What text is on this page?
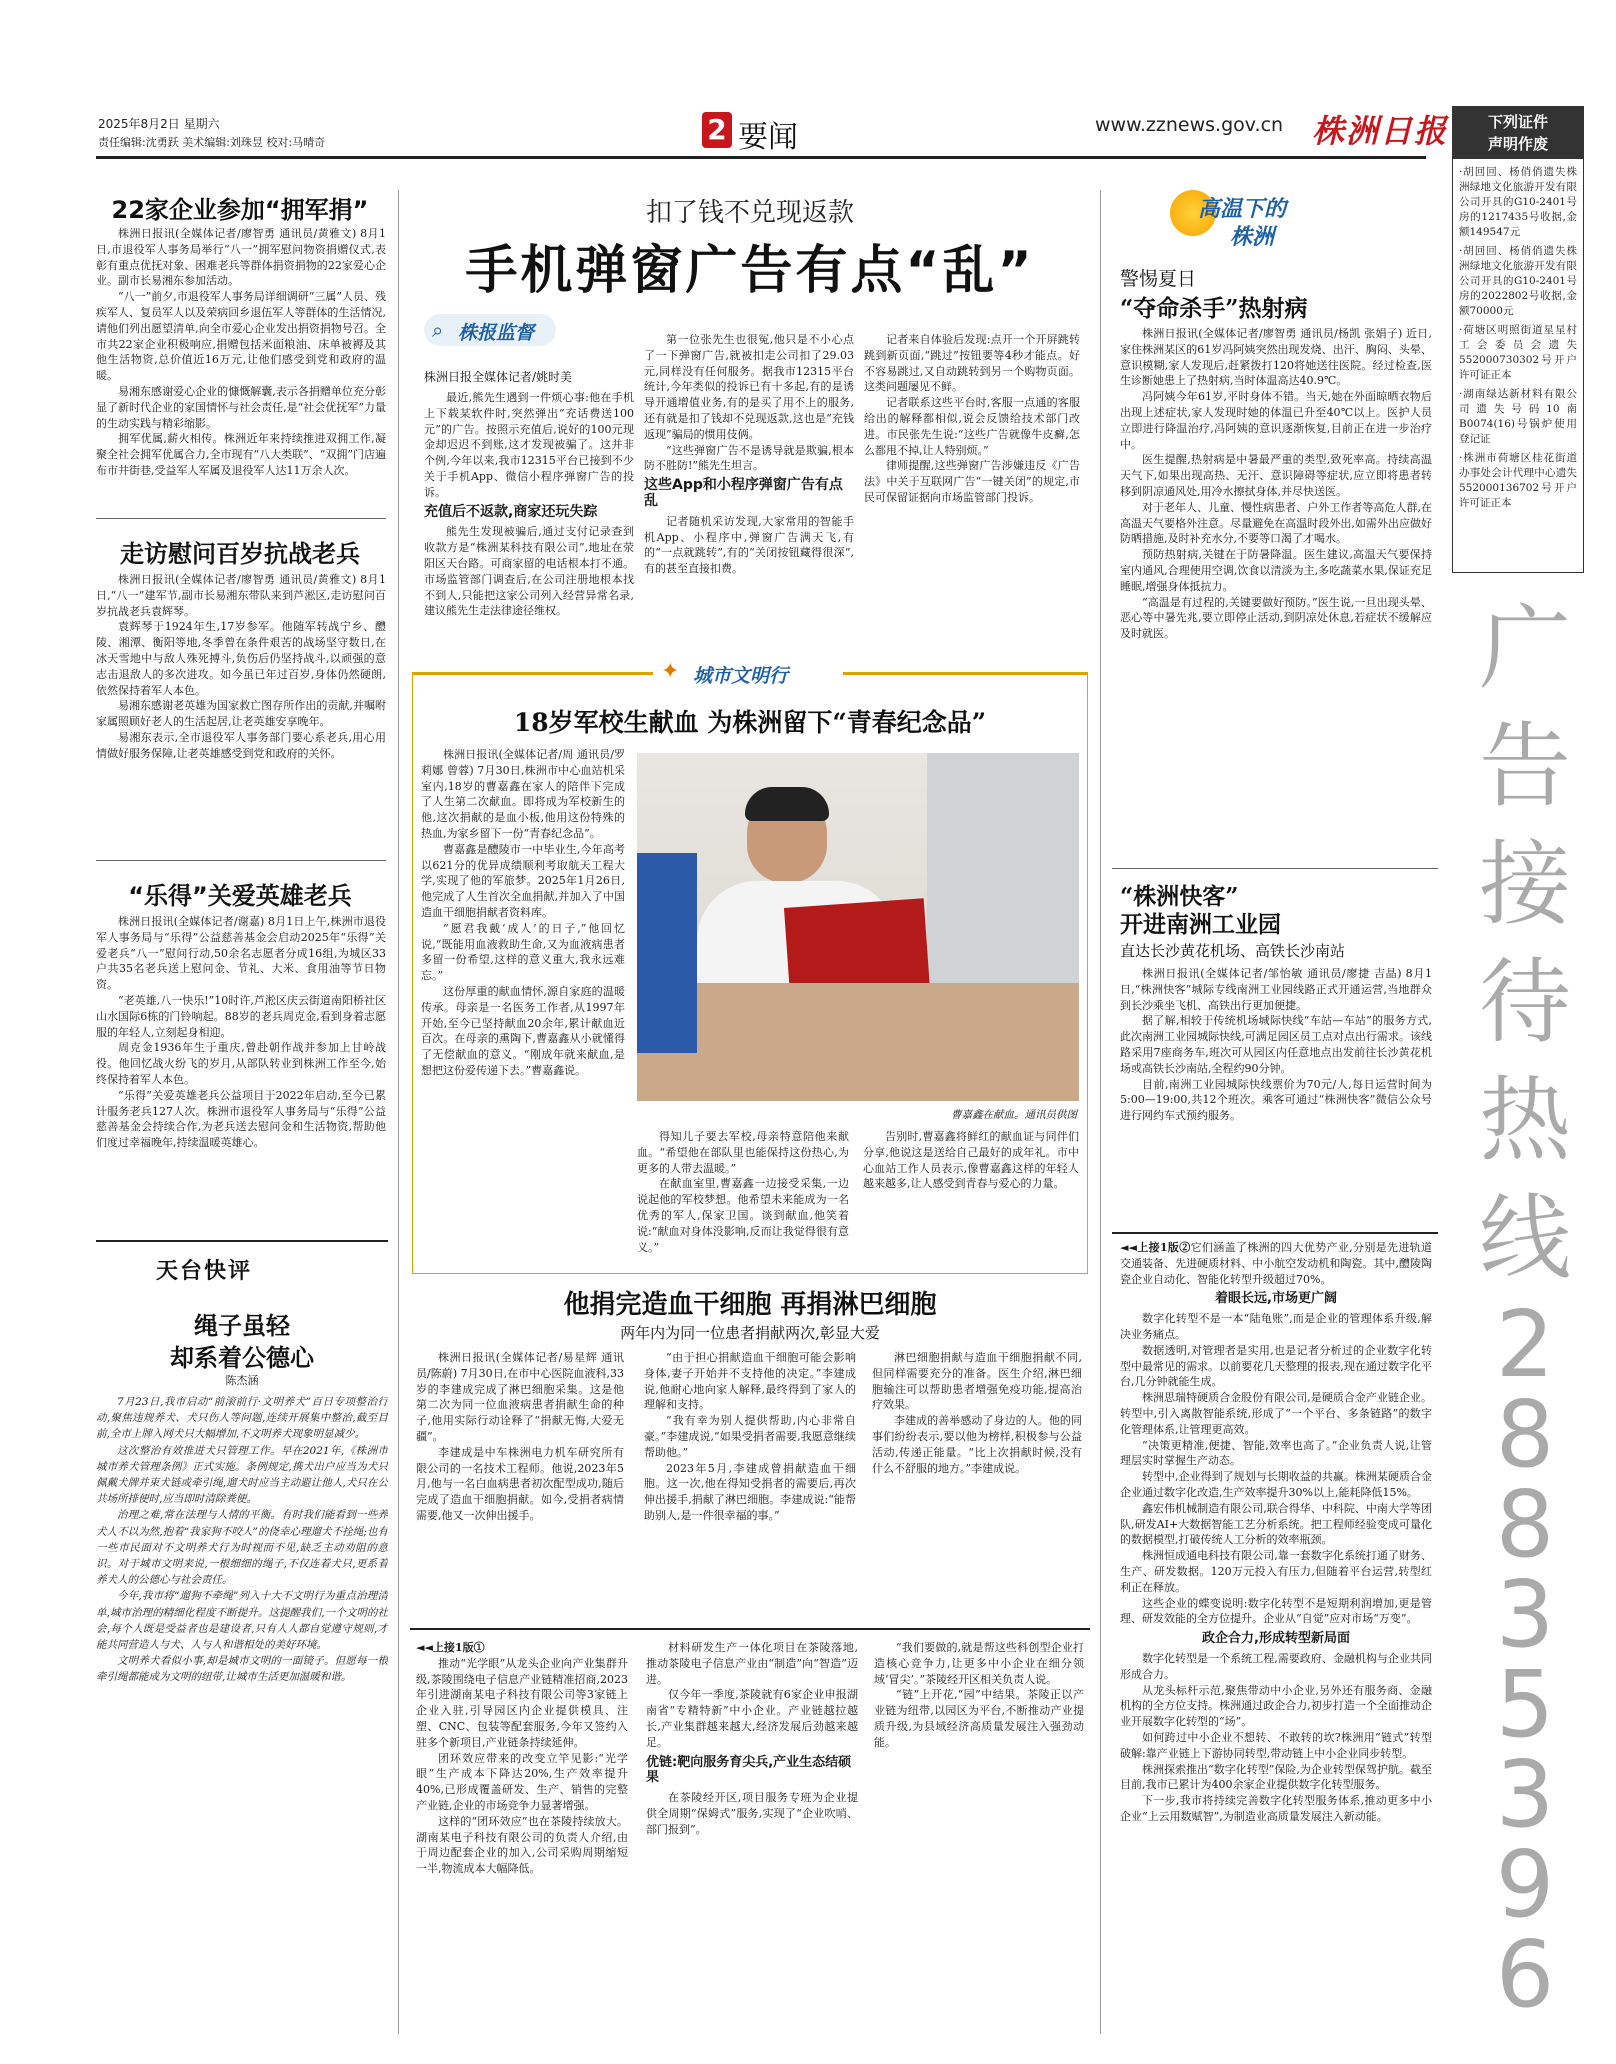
2025年8月2日 星期六
责任编辑:沈勇跃 美术编辑:刘珠昱 校对:马晴奇	2 要闻	www.zznews.gov.cn 株洲日报	下列证件
声明作废
·胡回回、杨俏俏遗失株洲绿地文化旅游开发有限公司开具的G10-2401号房的1217435号收据,金额149547元
·胡回回、杨俏俏遗失株洲绿地文化旅游开发有限公司开具的G10-2401号房的2022802号收据,金额70000元
·荷塘区明照街道星星村工会委员会遗失552000730302号开户许可证正本
·湖南绿达新材料有限公司遗失号码10南B0074(16)号锅炉使用登记证
·株洲市荷塘区桂花街道办事处会计代理中心遗失552000136702号开户许可证正本
广告接待热线
28835396
22家企业参加“拥军捐”

株洲日报讯(全媒体记者/廖智勇 通讯员/黄雅文) 8月1日,市退役军人事务局举行“八一”拥军慰问物资捐赠仪式,表彰有重点优抚对象、困难老兵等群体捐资捐物的22家爱心企业。副市长易湘东参加活动。

“八一”前夕,市退役军人事务局详细调研“三属”人员、残疾军人、复员军人以及荣病回乡退伍军人等群体的生活情况,请他们列出愿望清单,向全市爱心企业发出捐资捐物号召。全市共22家企业积极响应,捐赠包括米面粮油、床单被褥及其他生活物资,总价值近16万元,让他们感受到党和政府的温暖。

易湘东感谢爱心企业的慷慨解囊,表示各捐赠单位充分彰显了新时代企业的家国情怀与社会责任,是“社会优抚军”力量的生动实践与精彩缩影。

拥军优属,薪火相传。株洲近年来持续推进双拥工作,凝聚全社会拥军优属合力,全市现有“八大类联”、“双拥”门店遍布市井街巷,受益军人军属及退役军人达11万余人次。

走访慰问百岁抗战老兵

株洲日报讯(全媒体记者/廖智勇 通讯员/黄雅文) 8月1日,“八一”建军节,副市长易湘东带队来到芦淞区,走访慰问百岁抗战老兵袁辉琴。

袁辉琴于1924年生,17岁参军。他随军转战宁乡、醴陵、湘潭、衡阳等地,冬季曾在条件艰苦的战场坚守数日,在冰天雪地中与敌人殊死搏斗,负伤后仍坚持战斗,以顽强的意志击退敌人的多次进攻。如今虽已年过百岁,身体仍然硬朗,依然保持着军人本色。

易湘东感谢老英雄为国家救亡图存所作出的贡献,并嘱咐家属照顾好老人的生活起居,让老英雄安享晚年。

易湘东表示,全市退役军人事务部门要心系老兵,用心用情做好服务保障,让老英雄感受到党和政府的关怀。

“乐得”关爱英雄老兵

株洲日报讯(全媒体记者/谢嘉) 8月1日上午,株洲市退役军人事务局与“乐得”公益慈善基金会启动2025年“乐得”关爱老兵“八一”慰问行动,50余名志愿者分成16组,为城区33户共35名老兵送上慰问金、节礼、大米、食用油等节日物资。

“老英雄,八一快乐!”10时许,芦淞区庆云街道南阳桥社区山水国际6栋的门铃响起。88岁的老兵周克金,看到身着志愿服的年轻人,立刻起身相迎。

周克金1936年生于重庆,曾赴朝作战并参加上甘岭战役。他回忆战火纷飞的岁月,从部队转业到株洲工作至今,始终保持着军人本色。

“乐得”关爱英雄老兵公益项目于2022年启动,至今已累计服务老兵127人次。株洲市退役军人事务局与“乐得”公益慈善基金会持续合作,为老兵送去慰问金和生活物资,帮助他们度过幸福晚年,持续温暖英雄心。

天台快评
绳子虽轻
却系着公德心
陈杰涵

7月23日,我市启动“前滚前行·文明养犬”百日专项整治行动,聚焦违规养犬、犬只伤人等问题,连续开展集中整治,截至目前,全市上牌入网犬只大幅增加,不文明养犬现象明显减少。

这次整治有效推进犬只管理工作。早在2021年,《株洲市城市养犬管理条例》正式实施。条例规定,携犬出户应当为犬只佩戴犬牌并束犬链或牵引绳,遛犬时应当主动避让他人,犬只在公共场所排便时,应当即时清除粪便。

治理之难,常在法理与人情的平衡。有时我们能看到一些养犬人不以为然,抱着“我家狗不咬人”的侥幸心理遛犬不拴绳;也有一些市民面对不文明养犬行为时视而不见,缺乏主动劝阻的意识。对于城市文明来说,一根细细的绳子,不仅连着犬只,更系着养犬人的公德心与社会责任。

今年,我市将“遛狗不牵绳”列入十大不文明行为重点治理清单,城市治理的精细化程度不断提升。这提醒我们,一个文明的社会,每个人既是受益者也是建设者,只有人人都自觉遵守规则,才能共同营造人与犬、人与人和谐相处的美好环境。

文明养犬看似小事,却是城市文明的一面镜子。但愿每一根牵引绳都能成为文明的纽带,让城市生活更加温暖和谐。

扣了钱不兑现返款
手机弹窗广告有点“乱”
⌕ 株报监督
株洲日报全媒体记者/姚时美

最近,熊先生遇到一件烦心事:他在手机上下载某软件时,突然弹出“充话费送100元”的广告。按照示充值后,说好的100元现金却迟迟不到账,这才发现被骗了。这并非个例,今年以来,我市12315平台已接到不少关于手机App、微信小程序弹窗广告的投诉。

充值后不返款,商家还玩失踪

熊先生发现被骗后,通过支付记录查到收款方是“株洲某科技有限公司”,地址在荥阳区天台路。可商家留的电话根本打不通。市场监管部门调查后,在公司注册地根本找不到人,只能把这家公司列入经营异常名录,建议熊先生走法律途径维权。

第一位张先生也很冤,他只是不小心点了一下弹窗广告,就被扣走公司扣了29.03元,同样没有任何服务。据我市12315平台统计,今年类似的投诉已有十多起,有的是诱导开通增值业务,有的是买了用不上的服务,还有就是扣了钱却不兑现返款,这也是“充钱返现”骗局的惯用伎俩。

“这些弹窗广告不是诱导就是欺骗,根本防不胜防!”熊先生坦言。

这些App和小程序弹窗广告有点乱

记者随机采访发现,大家常用的智能手机App、小程序中,弹窗广告满天飞,有的“一点就跳转”,有的“关闭按钮藏得很深”,有的甚至直接扣费。

记者来自体验后发现:点开一个开屏跳转跳到新页面,“跳过”按钮要等4秒才能点。好不容易跳过,又自动跳转到另一个购物页面。这类问题屡见不鲜。

记者联系这些平台时,客服一点通的客服给出的解释都相似,说会反馈给技术部门改进。市民张先生说:“这些广告就像牛皮癣,怎么都甩不掉,让人特别烦。”

律师提醒,这些弹窗广告涉嫌违反《广告法》中关于互联网广告“一键关闭”的规定,市民可保留证据向市场监管部门投诉。

✦ 城市文明行
18岁军校生献血 为株洲留下“青春纪念品”

株洲日报讯(全媒体记者/周 通讯员/罗莉娜 曾蓉) 7月30日,株洲市中心血站机采室内,18岁的曹嘉鑫在家人的陪伴下完成了人生第二次献血。即将成为军校新生的他,这次捐献的是血小板,他用这份特殊的热血,为家乡留下一份“青春纪念品”。

曹嘉鑫是醴陵市一中毕业生,今年高考以621分的优异成绩顺利考取航天工程大学,实现了他的军旅梦。2025年1月26日,他完成了人生首次全血捐献,并加入了中国造血干细胞捐献者资料库。

“愿君我戴‘成人’的日子,”他回忆说,“既能用血液救助生命,又为血液病患者多留一份希望,这样的意义重大,我永远难忘。”

这份厚重的献血情怀,源自家庭的温暖传承。母亲是一名医务工作者,从1997年开始,至今已坚持献血20余年,累计献血近百次。在母亲的熏陶下,曹嘉鑫从小就懂得了无偿献血的意义。“刚成年就来献血,是想把这份爱传递下去。”曹嘉鑫说。

曹嘉鑫在献血。通讯员供图

得知儿子要去军校,母亲特意陪他来献血。“希望他在部队里也能保持这份热心,为更多的人带去温暖。”

在献血室里,曹嘉鑫一边接受采集,一边说起他的军校梦想。他希望未来能成为一名优秀的军人,保家卫国。谈到献血,他笑着说:“献血对身体没影响,反而让我觉得很有意义。”

告别时,曹嘉鑫将鲜红的献血证与同伴们分享,他说这是送给自己最好的成年礼。市中心血站工作人员表示,像曹嘉鑫这样的年轻人越来越多,让人感受到青春与爱心的力量。

他捐完造血干细胞 再捐淋巴细胞
两年内为同一位患者捐献两次,彰显大爱

株洲日报讯(全媒体记者/易星辉 通讯员/陈蔚) 7月30日,在市中心医院血液科,33岁的李建成完成了淋巴细胞采集。这是他第二次为同一位血液病患者捐献生命的种子,他用实际行动诠释了“捐献无悔,大爱无疆”。

李建成是中车株洲电力机车研究所有限公司的一名技术工程师。他说,2023年5月,他与一名白血病患者初次配型成功,随后完成了造血干细胞捐献。如今,受捐者病情需要,他又一次伸出援手。

“由于担心捐献造血干细胞可能会影响身体,妻子开始并不支持他的决定。”李建成说,他耐心地向家人解释,最终得到了家人的理解和支持。

“我有幸为别人提供帮助,内心非常自豪。”李建成说,“如果受捐者需要,我愿意继续帮助他。”

2023年5月,李建成曾捐献造血干细胞。这一次,他在得知受捐者的需要后,再次伸出援手,捐献了淋巴细胞。李建成说:“能帮助别人,是一件很幸福的事。”

淋巴细胞捐献与造血干细胞捐献不同,但同样需要充分的准备。医生介绍,淋巴细胞输注可以帮助患者增强免疫功能,提高治疗效果。

李建成的善举感动了身边的人。他的同事们纷纷表示,要以他为榜样,积极参与公益活动,传递正能量。“比上次捐献时候,没有什么不舒服的地方。”李建成说。

◄◄上接1版①

推动“光学眼”从龙头企业向产业集群升级,茶陵围绕电子信息产业链精准招商,2023年引进湖南某电子科技有限公司等3家链上企业入驻,引导园区内企业提供模具、注塑、CNC、包装等配套服务,今年又签约入驻多个新项目,产业链条持续延伸。

团环效应带来的改变立竿见影:“光学眼”生产成本下降达20%,生产效率提升40%,已形成覆盖研发、生产、销售的完整产业链,企业的市场竞争力显著增强。

这样的“团环效应”也在茶陵持续放大。湖南某电子科技有限公司的负责人介绍,由于周边配套企业的加入,公司采购周期缩短一半,物流成本大幅降低。

材料研发生产一体化项目在茶陵落地,推动茶陵电子信息产业由“制造”向“智造”迈进。

仅今年一季度,茶陵就有6家企业申报湖南省“专精特新”中小企业。产业链越拉越长,产业集群越来越大,经济发展后劲越来越足。

优链:靶向服务育尖兵,产业生态结硕果

在茶陵经开区,项目服务专班为企业提供全周期“保姆式”服务,实现了“企业吹哨、部门报到”。

“我们要做的,就是帮这些科创型企业打造核心竞争力,让更多中小企业在细分领域‘冒尖’。”茶陵经开区相关负责人说。

“链”上开花,“园”中结果。茶陵正以产业链为纽带,以园区为平台,不断推动产业提质升级,为县域经济高质量发展注入强劲动能。

高温下的
株洲
警惕夏日
“夺命杀手”热射病

株洲日报讯(全媒体记者/廖智勇 通讯员/杨凯 张娟子) 近日,家住株洲某区的61岁冯阿姨突然出现发烧、出汗、胸闷、头晕、意识模糊,家人发现后,赶紧拨打120将她送往医院。经过检查,医生诊断她患上了热射病,当时体温高达40.9℃。

冯阿姨今年61岁,平时身体不错。当天,她在外面晾晒衣物后出现上述症状,家人发现时她的体温已升至40℃以上。医护人员立即进行降温治疗,冯阿姨的意识逐渐恢复,目前正在进一步治疗中。

医生提醒,热射病是中暑最严重的类型,致死率高。持续高温天气下,如果出现高热、无汗、意识障碍等症状,应立即将患者转移到阴凉通风处,用冷水擦拭身体,并尽快送医。

对于老年人、儿童、慢性病患者、户外工作者等高危人群,在高温天气要格外注意。尽量避免在高温时段外出,如需外出应做好防晒措施,及时补充水分,不要等口渴了才喝水。

预防热射病,关键在于防暑降温。医生建议,高温天气要保持室内通风,合理使用空调,饮食以清淡为主,多吃蔬菜水果,保证充足睡眠,增强身体抵抗力。

“高温是有过程的,关键要做好预防。”医生说,一旦出现头晕、恶心等中暑先兆,要立即停止活动,到阴凉处休息,若症状不缓解应及时就医。

“株洲快客”
开进南洲工业园
直达长沙黄花机场、高铁长沙南站

株洲日报讯(全媒体记者/邹怡敏 通讯员/廖捷 吉晶) 8月1日,“株洲快客”城际专线南洲工业园线路正式开通运营,当地群众到长沙乘坐飞机、高铁出行更加便捷。

据了解,相较于传统机场城际快线“车站—车站”的服务方式,此次南洲工业园城际快线,可满足园区员工点对点出行需求。该线路采用7座商务车,班次可从园区内任意地点出发前往长沙黄花机场或高铁长沙南站,全程约90分钟。

目前,南洲工业园城际快线票价为70元/人,每日运营时间为5:00—19:00,共12个班次。乘客可通过“株洲快客”微信公众号进行网约车式预约服务。

◄◄上接1版②它们涵盖了株洲的四大优势产业,分别是先进轨道交通装备、先进硬质材料、中小航空发动机和陶瓷。其中,醴陵陶瓷企业自动化、智能化转型升级超过70%。

着眼长远,市场更广阔

数字化转型不是一本“陆龟账”,而是企业的管理体系升级,解决业务痛点。

数据透明,对管理者是实用,也是记者分析过的企业数字化转型中最常见的需求。以前要花几天整理的报表,现在通过数字化平台,几分钟就能生成。

株洲思瑞特硬质合金股份有限公司,是硬质合金产业链企业。转型中,引入离散智能系统,形成了“一个平台、多条链路”的数字化管理体系,让管理更高效。

“决策更精准,便捷、智能,效率也高了。”企业负责人说,让管理层实时掌握生产动态。

转型中,企业得到了规划与长期收益的共赢。株洲某硬质合金企业通过数字化改造,生产效率提升30%以上,能耗降低15%。

鑫宏伟机械制造有限公司,联合得华、中科院、中南大学等团队,研发AI+大数据智能工艺分析系统。把工程师经验变成可量化的数据模型,打破传统人工分析的效率瓶颈。

株洲恒成通电科技有限公司,靠一套数字化系统打通了财务、生产、研发数据。120万元投入有压力,但随着平台运营,转型红利正在释放。

这些企业的蝶变说明:数字化转型不是短期利润增加,更是管理、研发效能的全方位提升。企业从“自觉”应对市场“万变”。

政企合力,形成转型新局面

数字化转型是一个系统工程,需要政府、金融机构与企业共同形成合力。

从龙头标杆示范,聚焦带动中小企业,另外还有服务商、金融机构的全方位支持。株洲通过政企合力,初步打造一个全面推动企业开展数字化转型的“场”。

如何跨过中小企业不想转、不敢转的坎?株洲用“链式”转型破解:靠产业链上下游协同转型,带动链上中小企业同步转型。

株洲探索推出“数字化转型”保险,为企业转型保驾护航。截至目前,我市已累计为400余家企业提供数字化转型服务。

下一步,我市将持续完善数字化转型服务体系,推动更多中小企业“上云用数赋智”,为制造业高质量发展注入新动能。
